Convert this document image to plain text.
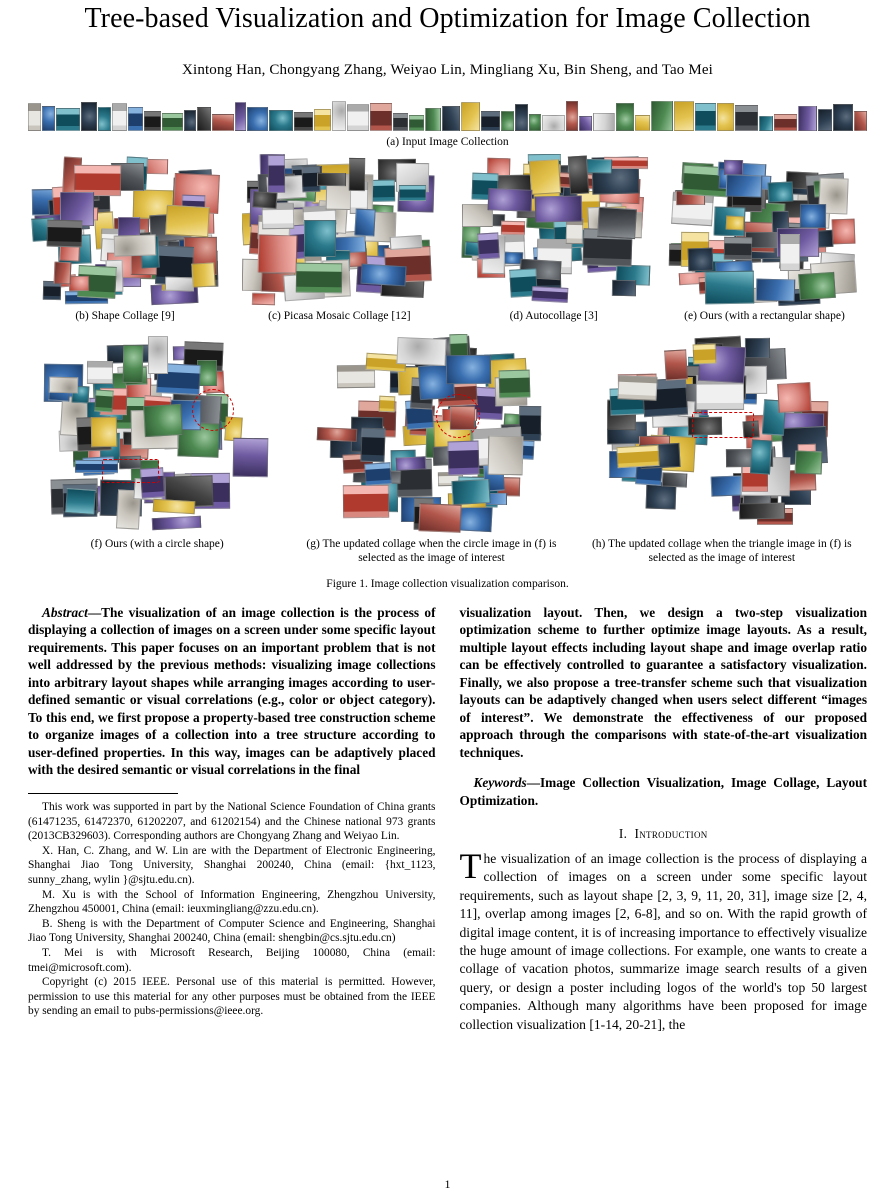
Tree-based Visualization and Optimization for Image Collection
Xintong Han, Chongyang Zhang, Weiyao Lin, Mingliang Xu, Bin Sheng, and Tao Mei
(a) Input Image Collection
(b) Shape Collage [9]	(c) Picasa Mosaic Collage [12]	(d) Autocollage [3]	(e) Ours (with a rectangular shape)
(f) Ours (with a circle shape)	(g) The updated collage when the circle image in (f) is selected as the image of interest
(h) The updated collage when the triangle image in (f) is selected as the image of interest
Figure 1. Image collection visualization comparison.

Abstract—The visualization of an image collection is the process of displaying a collection of images on a screen under some specific layout requirements. This paper focuses on an important problem that is not well addressed by the previous methods: visualizing image collections into arbitrary layout shapes while arranging images according to user-defined semantic or visual correlations (e.g., color or object category). To this end, we first propose a property-based tree construction scheme to organize images of a collection into a tree structure according to user-defined properties. In this way, images can be adaptively placed with the desired semantic or visual correlations in the final

This work was supported in part by the National Science Foundation of China grants (61471235, 61472370, 61202207, and 61202154) and the Chinese national 973 grants (2013CB329603). Corresponding authors are Chongyang Zhang and Weiyao Lin.

X. Han, C. Zhang, and W. Lin are with the Department of Electronic Engineering, Shanghai Jiao Tong University, Shanghai 200240, China (email: {hxt_1123, sunny_zhang, wylin }@sjtu.edu.cn).

M. Xu is with the School of Information Engineering, Zhengzhou University, Zhengzhou 450001, China (email: ieuxmingliang@zzu.edu.cn).

B. Sheng is with the Department of Computer Science and Engineering, Shanghai Jiao Tong University, Shanghai 200240, China (email: shengbin@cs.sjtu.edu.cn)

T. Mei is with Microsoft Research, Beijing 100080, China (email: tmei@microsoft.com).

Copyright (c) 2015 IEEE. Personal use of this material is permitted. However, permission to use this material for any other purposes must be obtained from the IEEE by sending an email to pubs-permissions@ieee.org.

visualization layout. Then, we design a two-step visualization optimization scheme to further optimize image layouts. As a result, multiple layout effects including layout shape and image overlap ratio can be effectively controlled to guarantee a satisfactory visualization. Finally, we also propose a tree-transfer scheme such that visualization layouts can be adaptively changed when users select different “images of interest”. We demonstrate the effectiveness of our proposed approach through the comparisons with state-of-the-art visualization techniques.

Keywords—Image Collection Visualization, Image Collage, Layout Optimization.

I. Introduction

The visualization of an image collection is the process of displaying a collection of images on a screen under some specific layout requirements, such as layout shape [2, 3, 9, 11, 20, 31], image size [2, 4, 11], overlap among images [2, 6-8], and so on. With the rapid growth of digital image content, it is of increasing importance to effectively visualize the huge amount of image collections. For example, one wants to create a collage of vacation photos, summarize image search results of a given query, or design a poster including logos of the world's top 50 largest companies. Although many algorithms have been proposed for image collection visualization [1-14, 20-21], the

1
